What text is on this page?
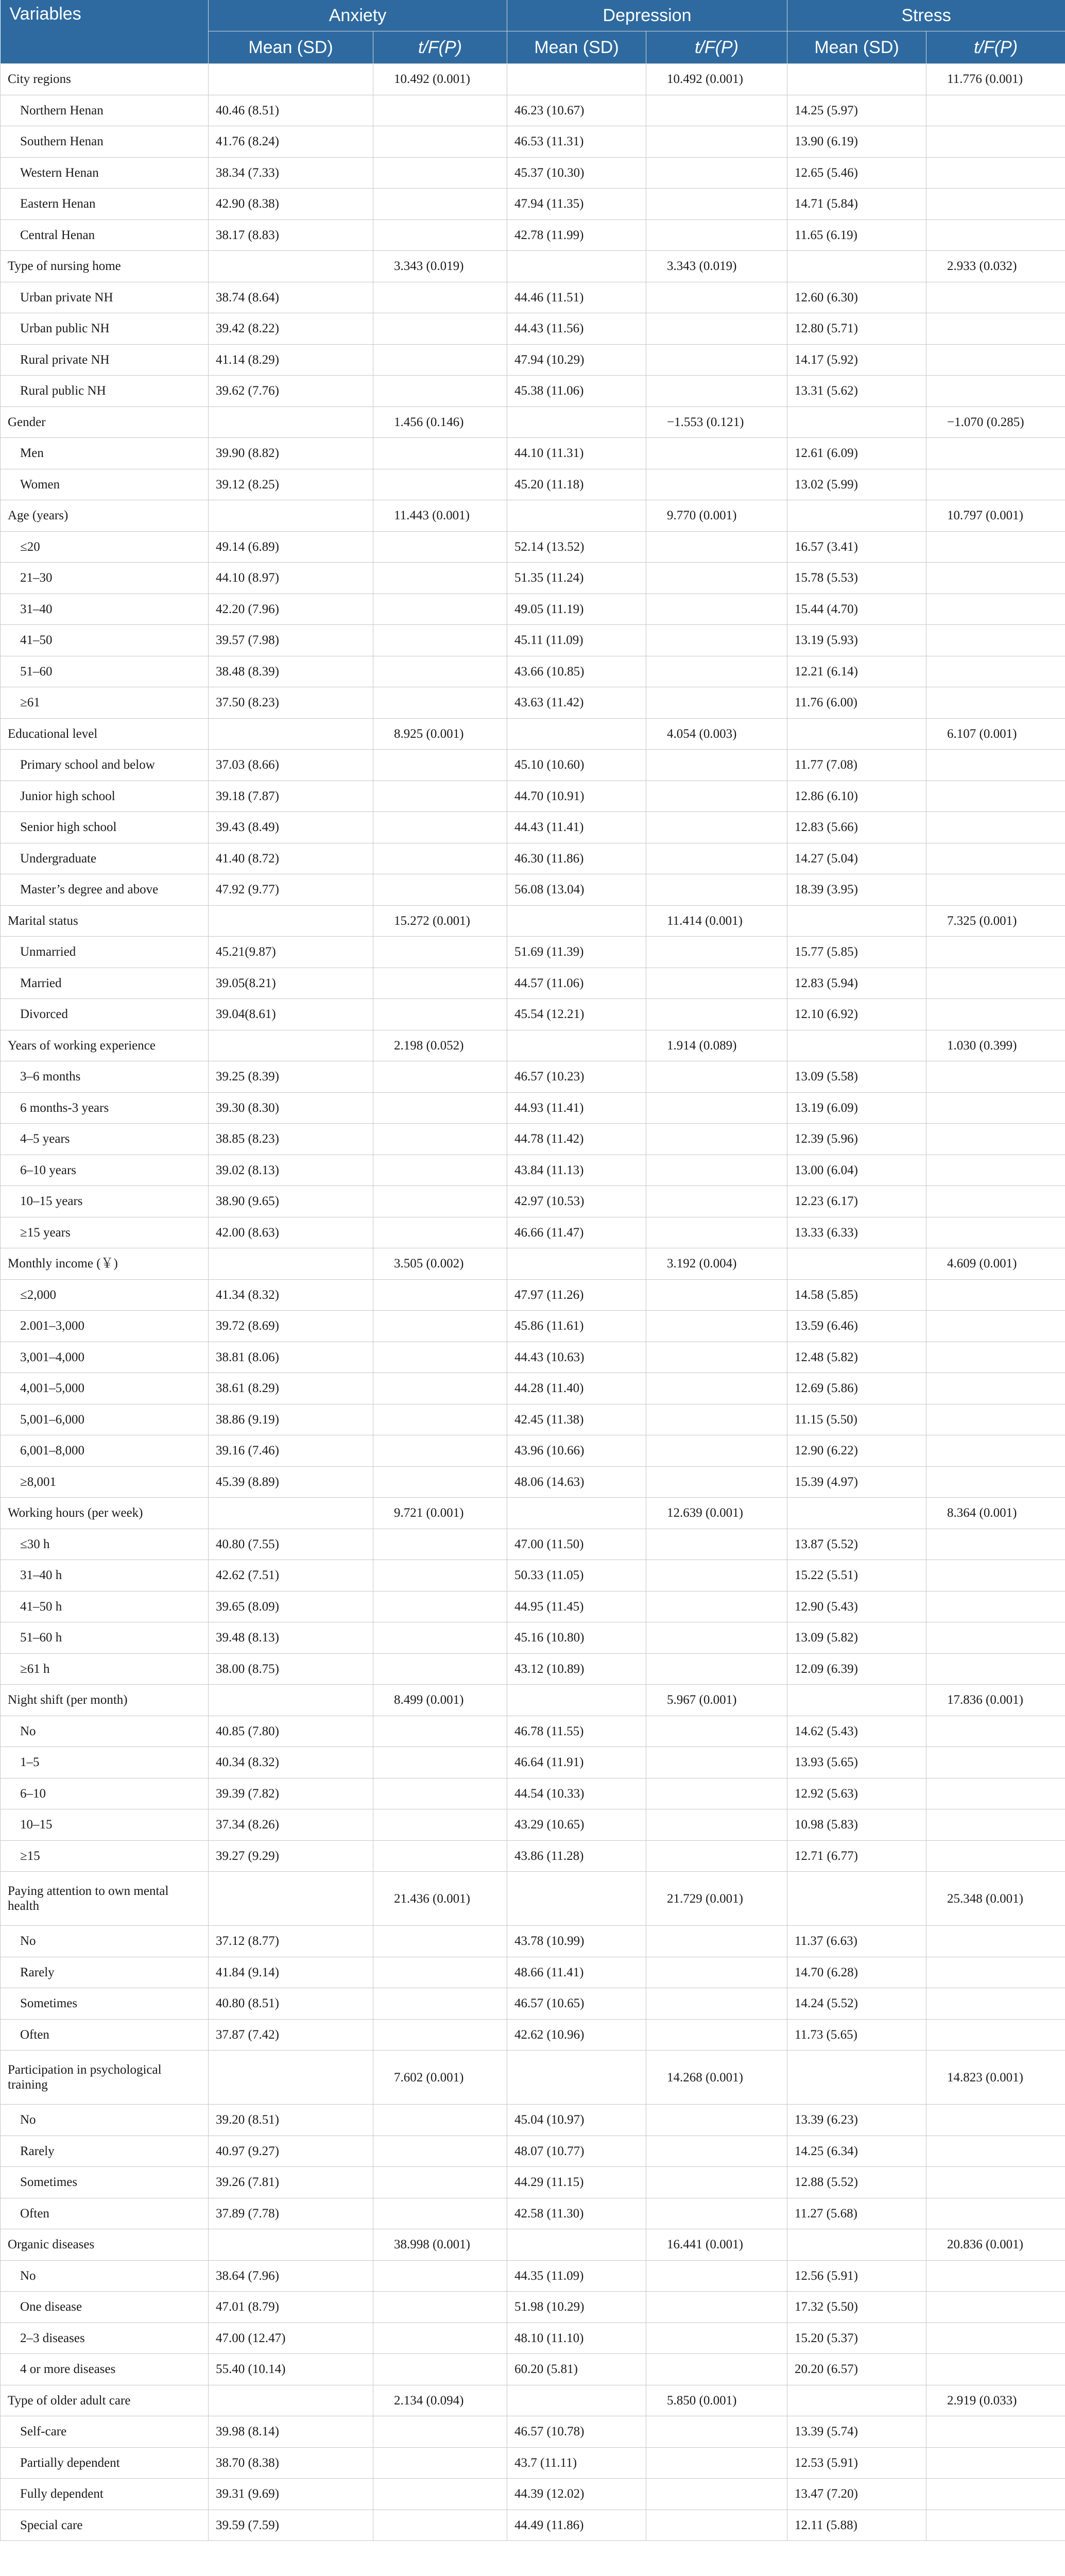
Variables	Anxiety		Depression		Stress	
	Mean (SD)	t/F(P)	Mean (SD)	t/F(P)	Mean (SD)	t/F(P)
City regions		10.492 (0.001)		10.492 (0.001)		11.776 (0.001)
Northern Henan	40.46 (8.51)		46.23 (10.67)		14.25 (5.97)	
Southern Henan	41.76 (8.24)		46.53 (11.31)		13.90 (6.19)	
Western Henan	38.34 (7.33)		45.37 (10.30)		12.65 (5.46)	
Eastern Henan	42.90 (8.38)		47.94 (11.35)		14.71 (5.84)	
Central Henan	38.17 (8.83)		42.78 (11.99)		11.65 (6.19)	
Type of nursing home		3.343 (0.019)		3.343 (0.019)		2.933 (0.032)
Urban private NH	38.74 (8.64)		44.46 (11.51)		12.60 (6.30)	
Urban public NH	39.42 (8.22)		44.43 (11.56)		12.80 (5.71)	
Rural private NH	41.14 (8.29)		47.94 (10.29)		14.17 (5.92)	
Rural public NH	39.62 (7.76)		45.38 (11.06)		13.31 (5.62)	
Gender		1.456 (0.146)		−1.553 (0.121)		−1.070 (0.285)
Men	39.90 (8.82)		44.10 (11.31)		12.61 (6.09)	
Women	39.12 (8.25)		45.20 (11.18)		13.02 (5.99)	
Age (years)		11.443 (0.001)		9.770 (0.001)		10.797 (0.001)
≤20	49.14 (6.89)		52.14 (13.52)		16.57 (3.41)	
21–30	44.10 (8.97)		51.35 (11.24)		15.78 (5.53)	
31–40	42.20 (7.96)		49.05 (11.19)		15.44 (4.70)	
41–50	39.57 (7.98)		45.11 (11.09)		13.19 (5.93)	
51–60	38.48 (8.39)		43.66 (10.85)		12.21 (6.14)	
≥61	37.50 (8.23)		43.63 (11.42)		11.76 (6.00)	
Educational level		8.925 (0.001)		4.054 (0.003)		6.107 (0.001)
Primary school and below	37.03 (8.66)		45.10 (10.60)		11.77 (7.08)	
Junior high school	39.18 (7.87)		44.70 (10.91)		12.86 (6.10)	
Senior high school	39.43 (8.49)		44.43 (11.41)		12.83 (5.66)	
Undergraduate	41.40 (8.72)		46.30 (11.86)		14.27 (5.04)	
Master’s degree and above	47.92 (9.77)		56.08 (13.04)		18.39 (3.95)	
Marital status		15.272 (0.001)		11.414 (0.001)		7.325 (0.001)
Unmarried	45.21(9.87)		51.69 (11.39)		15.77 (5.85)	
Married	39.05(8.21)		44.57 (11.06)		12.83 (5.94)	
Divorced	39.04(8.61)		45.54 (12.21)		12.10 (6.92)	
Years of working experience		2.198 (0.052)		1.914 (0.089)		1.030 (0.399)
3–6 months	39.25 (8.39)		46.57 (10.23)		13.09 (5.58)	
6 months-3 years	39.30 (8.30)		44.93 (11.41)		13.19 (6.09)	
4–5 years	38.85 (8.23)		44.78 (11.42)		12.39 (5.96)	
6–10 years	39.02 (8.13)		43.84 (11.13)		13.00 (6.04)	
10–15 years	38.90 (9.65)		42.97 (10.53)		12.23 (6.17)	
≥15 years	42.00 (8.63)		46.66 (11.47)		13.33 (6.33)	
Monthly income (￥)		3.505 (0.002)		3.192 (0.004)		4.609 (0.001)
≤2,000	41.34 (8.32)		47.97 (11.26)		14.58 (5.85)	
2.001–3,000	39.72 (8.69)		45.86 (11.61)		13.59 (6.46)	
3,001–4,000	38.81 (8.06)		44.43 (10.63)		12.48 (5.82)	
4,001–5,000	38.61 (8.29)		44.28 (11.40)		12.69 (5.86)	
5,001–6,000	38.86 (9.19)		42.45 (11.38)		11.15 (5.50)	
6,001–8,000	39.16 (7.46)		43.96 (10.66)		12.90 (6.22)	
≥8,001	45.39 (8.89)		48.06 (14.63)		15.39 (4.97)	
Working hours (per week)		9.721 (0.001)		12.639 (0.001)		8.364 (0.001)
≤30 h	40.80 (7.55)		47.00 (11.50)		13.87 (5.52)	
31–40 h	42.62 (7.51)		50.33 (11.05)		15.22 (5.51)	
41–50 h	39.65 (8.09)		44.95 (11.45)		12.90 (5.43)	
51–60 h	39.48 (8.13)		45.16 (10.80)		13.09 (5.82)	
≥61 h	38.00 (8.75)		43.12 (10.89)		12.09 (6.39)	
Night shift (per month)		8.499 (0.001)		5.967 (0.001)		17.836 (0.001)
No	40.85 (7.80)		46.78 (11.55)		14.62 (5.43)	
1–5	40.34 (8.32)		46.64 (11.91)		13.93 (5.65)	
6–10	39.39 (7.82)		44.54 (10.33)		12.92 (5.63)	
10–15	37.34 (8.26)		43.29 (10.65)		10.98 (5.83)	
≥15	39.27 (9.29)		43.86 (11.28)		12.71 (6.77)	
Paying attention to own mental health		21.436 (0.001)		21.729 (0.001)		25.348 (0.001)
No	37.12 (8.77)		43.78 (10.99)		11.37 (6.63)	
Rarely	41.84 (9.14)		48.66 (11.41)		14.70 (6.28)	
Sometimes	40.80 (8.51)		46.57 (10.65)		14.24 (5.52)	
Often	37.87 (7.42)		42.62 (10.96)		11.73 (5.65)	
Participation in psychological training		7.602 (0.001)		14.268 (0.001)		14.823 (0.001)
No	39.20 (8.51)		45.04 (10.97)		13.39 (6.23)	
Rarely	40.97 (9.27)		48.07 (10.77)		14.25 (6.34)	
Sometimes	39.26 (7.81)		44.29 (11.15)		12.88 (5.52)	
Often	37.89 (7.78)		42.58 (11.30)		11.27 (5.68)	
Organic diseases		38.998 (0.001)		16.441 (0.001)		20.836 (0.001)
No	38.64 (7.96)		44.35 (11.09)		12.56 (5.91)	
One disease	47.01 (8.79)		51.98 (10.29)		17.32 (5.50)	
2–3 diseases	47.00 (12.47)		48.10 (11.10)		15.20 (5.37)	
4 or more diseases	55.40 (10.14)		60.20 (5.81)		20.20 (6.57)	
Type of older adult care		2.134 (0.094)		5.850 (0.001)		2.919 (0.033)
Self-care	39.98 (8.14)		46.57 (10.78)		13.39 (5.74)	
Partially dependent	38.70 (8.38)		43.7 (11.11)		12.53 (5.91)	
Fully dependent	39.31 (9.69)		44.39 (12.02)		13.47 (7.20)	
Special care	39.59 (7.59)		44.49 (11.86)		12.11 (5.88)	
